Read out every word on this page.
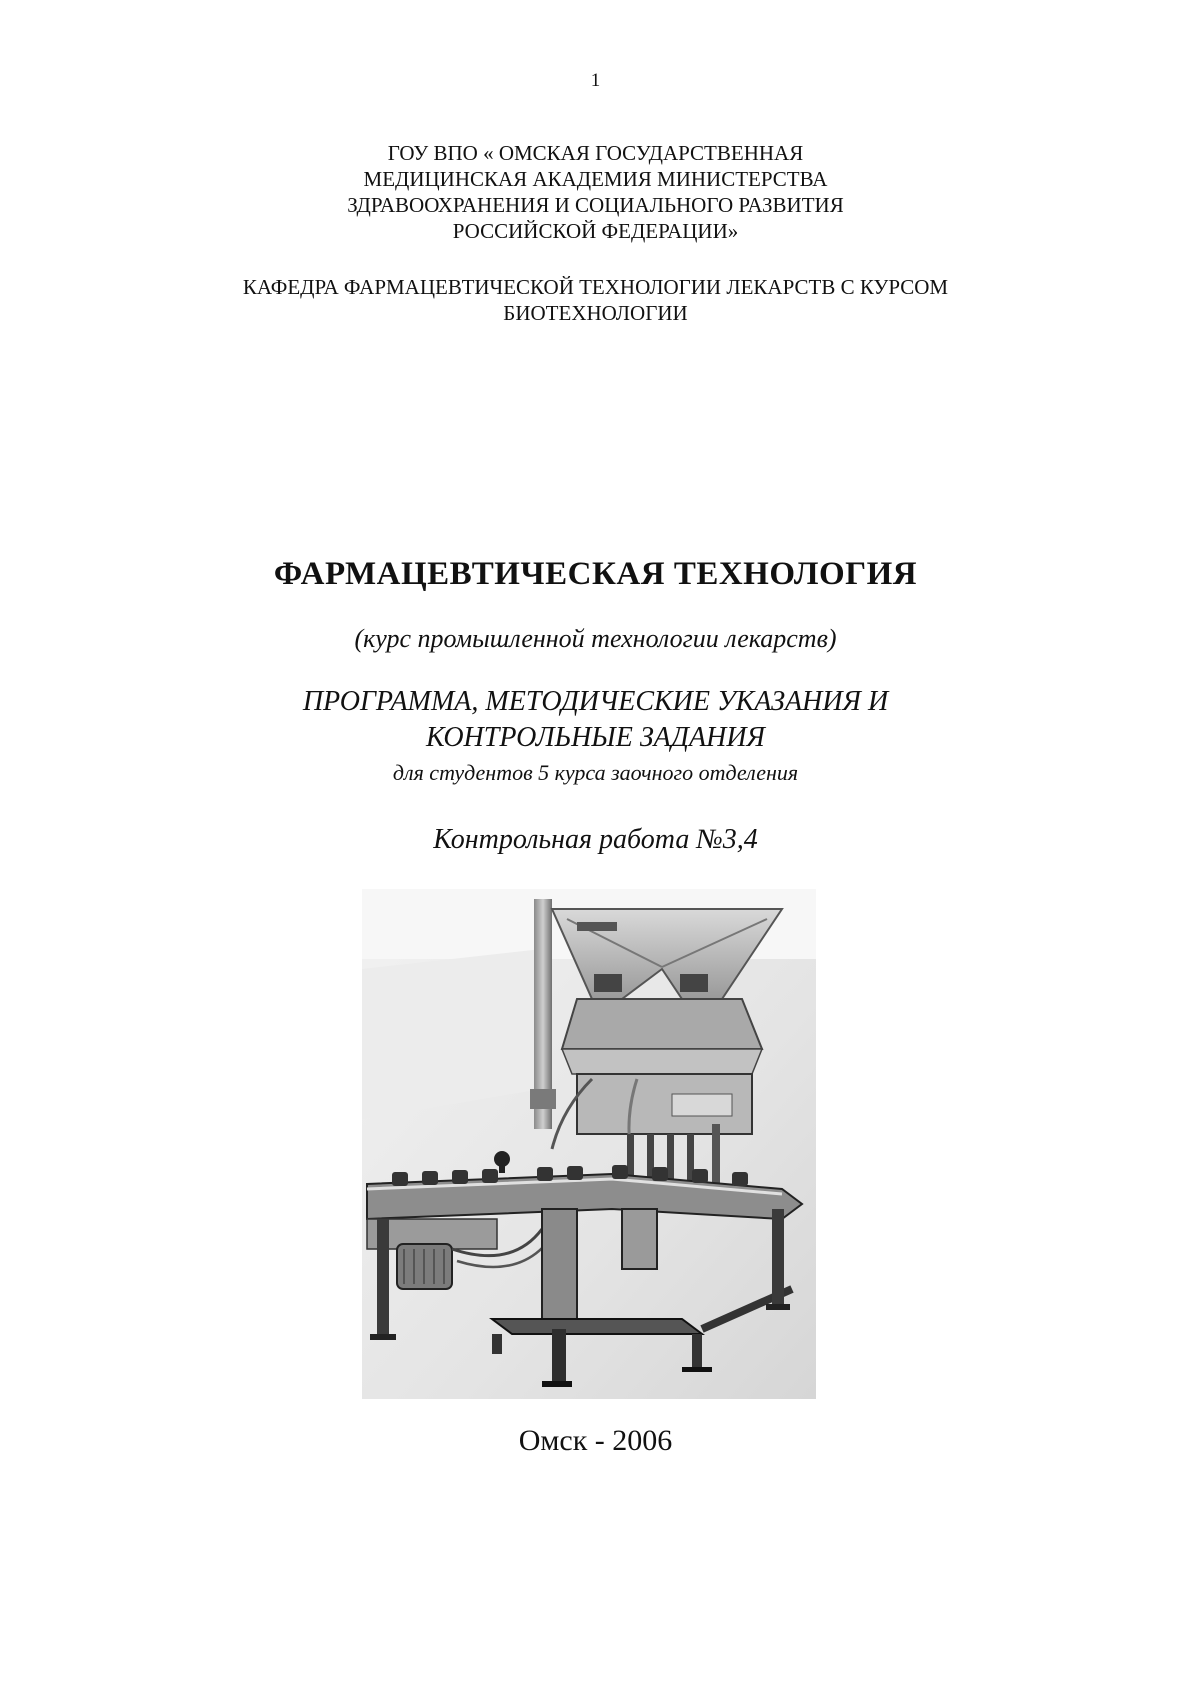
1
ГОУ ВПО « ОМСКАЯ ГОСУДАРСТВЕННАЯ
МЕДИЦИНСКАЯ АКАДЕМИЯ МИНИСТЕРСТВА
ЗДРАВООХРАНЕНИЯ И СОЦИАЛЬНОГО РАЗВИТИЯ
РОССИЙСКОЙ ФЕДЕРАЦИИ»
КАФЕДРА ФАРМАЦЕВТИЧЕСКОЙ ТЕХНОЛОГИИ ЛЕКАРСТВ С КУРСОМ
БИОТЕХНОЛОГИИ
ФАРМАЦЕВТИЧЕСКАЯ ТЕХНОЛОГИЯ
(курс промышленной технологии лекарств)
ПРОГРАММА, МЕТОДИЧЕСКИЕ УКАЗАНИЯ И
КОНТРОЛЬНЫЕ ЗАДАНИЯ
для студентов 5 курса заочного отделения
Контрольная работа №3,4
Омск - 2006
